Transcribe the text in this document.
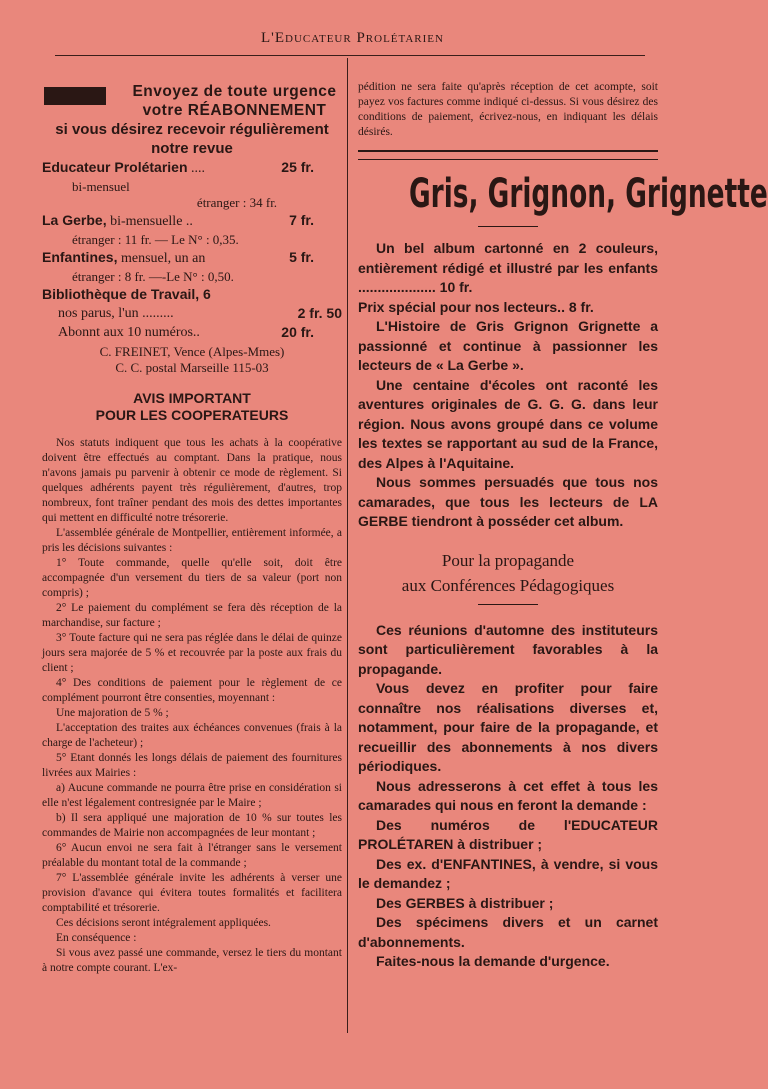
L'Educateur Prolétarien
Envoyez de toute urgence
votre RÉABONNEMENT
si vous désirez recevoir régulièrement
notre revue
Educateur Prolétarien ....	25 fr.
bi-mensuel
étranger : 34 fr.
La Gerbe, bi-mensuelle ..	7 fr.
étranger : 11 fr. — Le N° : 0,35.
Enfantines, mensuel, un an	5 fr.
étranger : 8 fr. —-Le N° : 0,50.
Bibliothèque de Travail, 6
nos parus, l'un .........	2 fr. 50
Abonnt aux 10 numéros..	20 fr.
C. FREINET, Vence (Alpes-Mmes)
C. C. postal Marseille 115-03
AVIS IMPORTANT
POUR LES COOPERATEURS

Nos statuts indiquent que tous les achats à la coopérative doivent être effectués au comptant. Dans la pratique, nous n'avons jamais pu parvenir à obtenir ce mode de règlement. Si quelques adhérents payent très régulièrement, d'autres, trop nombreux, font traîner pendant des mois des dettes importantes qui mettent en difficulté notre trésorerie.

L'assemblée générale de Montpellier, entièrement informée, a pris les décisions suivantes :

1° Toute commande, quelle qu'elle soit, doit être accompagnée d'un versement du tiers de sa valeur (port non compris) ;

2° Le paiement du complément se fera dès réception de la marchandise, sur facture ;

3° Toute facture qui ne sera pas réglée dans le délai de quinze jours sera majorée de 5 % et recouvrée par la poste aux frais du client ;

4° Des conditions de paiement pour le règlement de ce complément pourront être consenties, moyennant :

Une majoration de 5 % ;

L'acceptation des traites aux échéances convenues (frais à la charge de l'acheteur) ;

5° Etant donnés les longs délais de paiement des fournitures livrées aux Mairies :

a) Aucune commande ne pourra être prise en considération si elle n'est légalement contresignée par le Maire ;

b) Il sera appliqué une majoration de 10 % sur toutes les commandes de Mairie non accompagnées de leur montant ;

6° Aucun envoi ne sera fait à l'étranger sans le versement préalable du montant total de la commande ;

7° L'assemblée générale invite les adhérents à verser une provision d'avance qui évitera toutes formalités et facilitera comptabilité et trésorerie.

Ces décisions seront intégralement appliquées.

En conséquence :

Si vous avez passé une commande, versez le tiers du montant à notre compte courant. L'ex-

pédition ne sera faite qu'après réception de cet acompte, soit payez vos factures comme indiqué ci-dessus. Si vous désirez des conditions de paiement, écrivez-nous, en indiquant les délais désirés.
Gris, Grignon, Grignette

Un bel album cartonné en 2 couleurs, entièrement rédigé et illustré par les enfants .................... 10 fr.

Prix spécial pour nos lecteurs.. 8 fr.

L'Histoire de Gris Grignon Grignette a passionné et continue à passionner les lecteurs de « La Gerbe ».

Une centaine d'écoles ont raconté les aventures originales de G. G. G. dans leur région. Nous avons groupé dans ce volume les textes se rapportant au sud de la France, des Alpes à l'Aquitaine.

Nous sommes persuadés que tous nos camarades, que tous les lecteurs de LA GERBE tiendront à posséder cet album.

Pour la propagande
aux Conférences Pédagogiques

Ces réunions d'automne des instituteurs sont particulièrement favorables à la propagande.

Vous devez en profiter pour faire connaître nos réalisations diverses et, notamment, pour faire de la propagande, et recueillir des abonnements à nos divers périodiques.

Nous adresserons à cet effet à tous les camarades qui nous en feront la demande :

Des numéros de l'EDUCATEUR PROLÉTAREN à distribuer ;

Des ex. d'ENFANTINES, à vendre, si vous le demandez ;

Des GERBES à distribuer ;

Des spécimens divers et un carnet d'abonnements.

Faites-nous la demande d'urgence.
